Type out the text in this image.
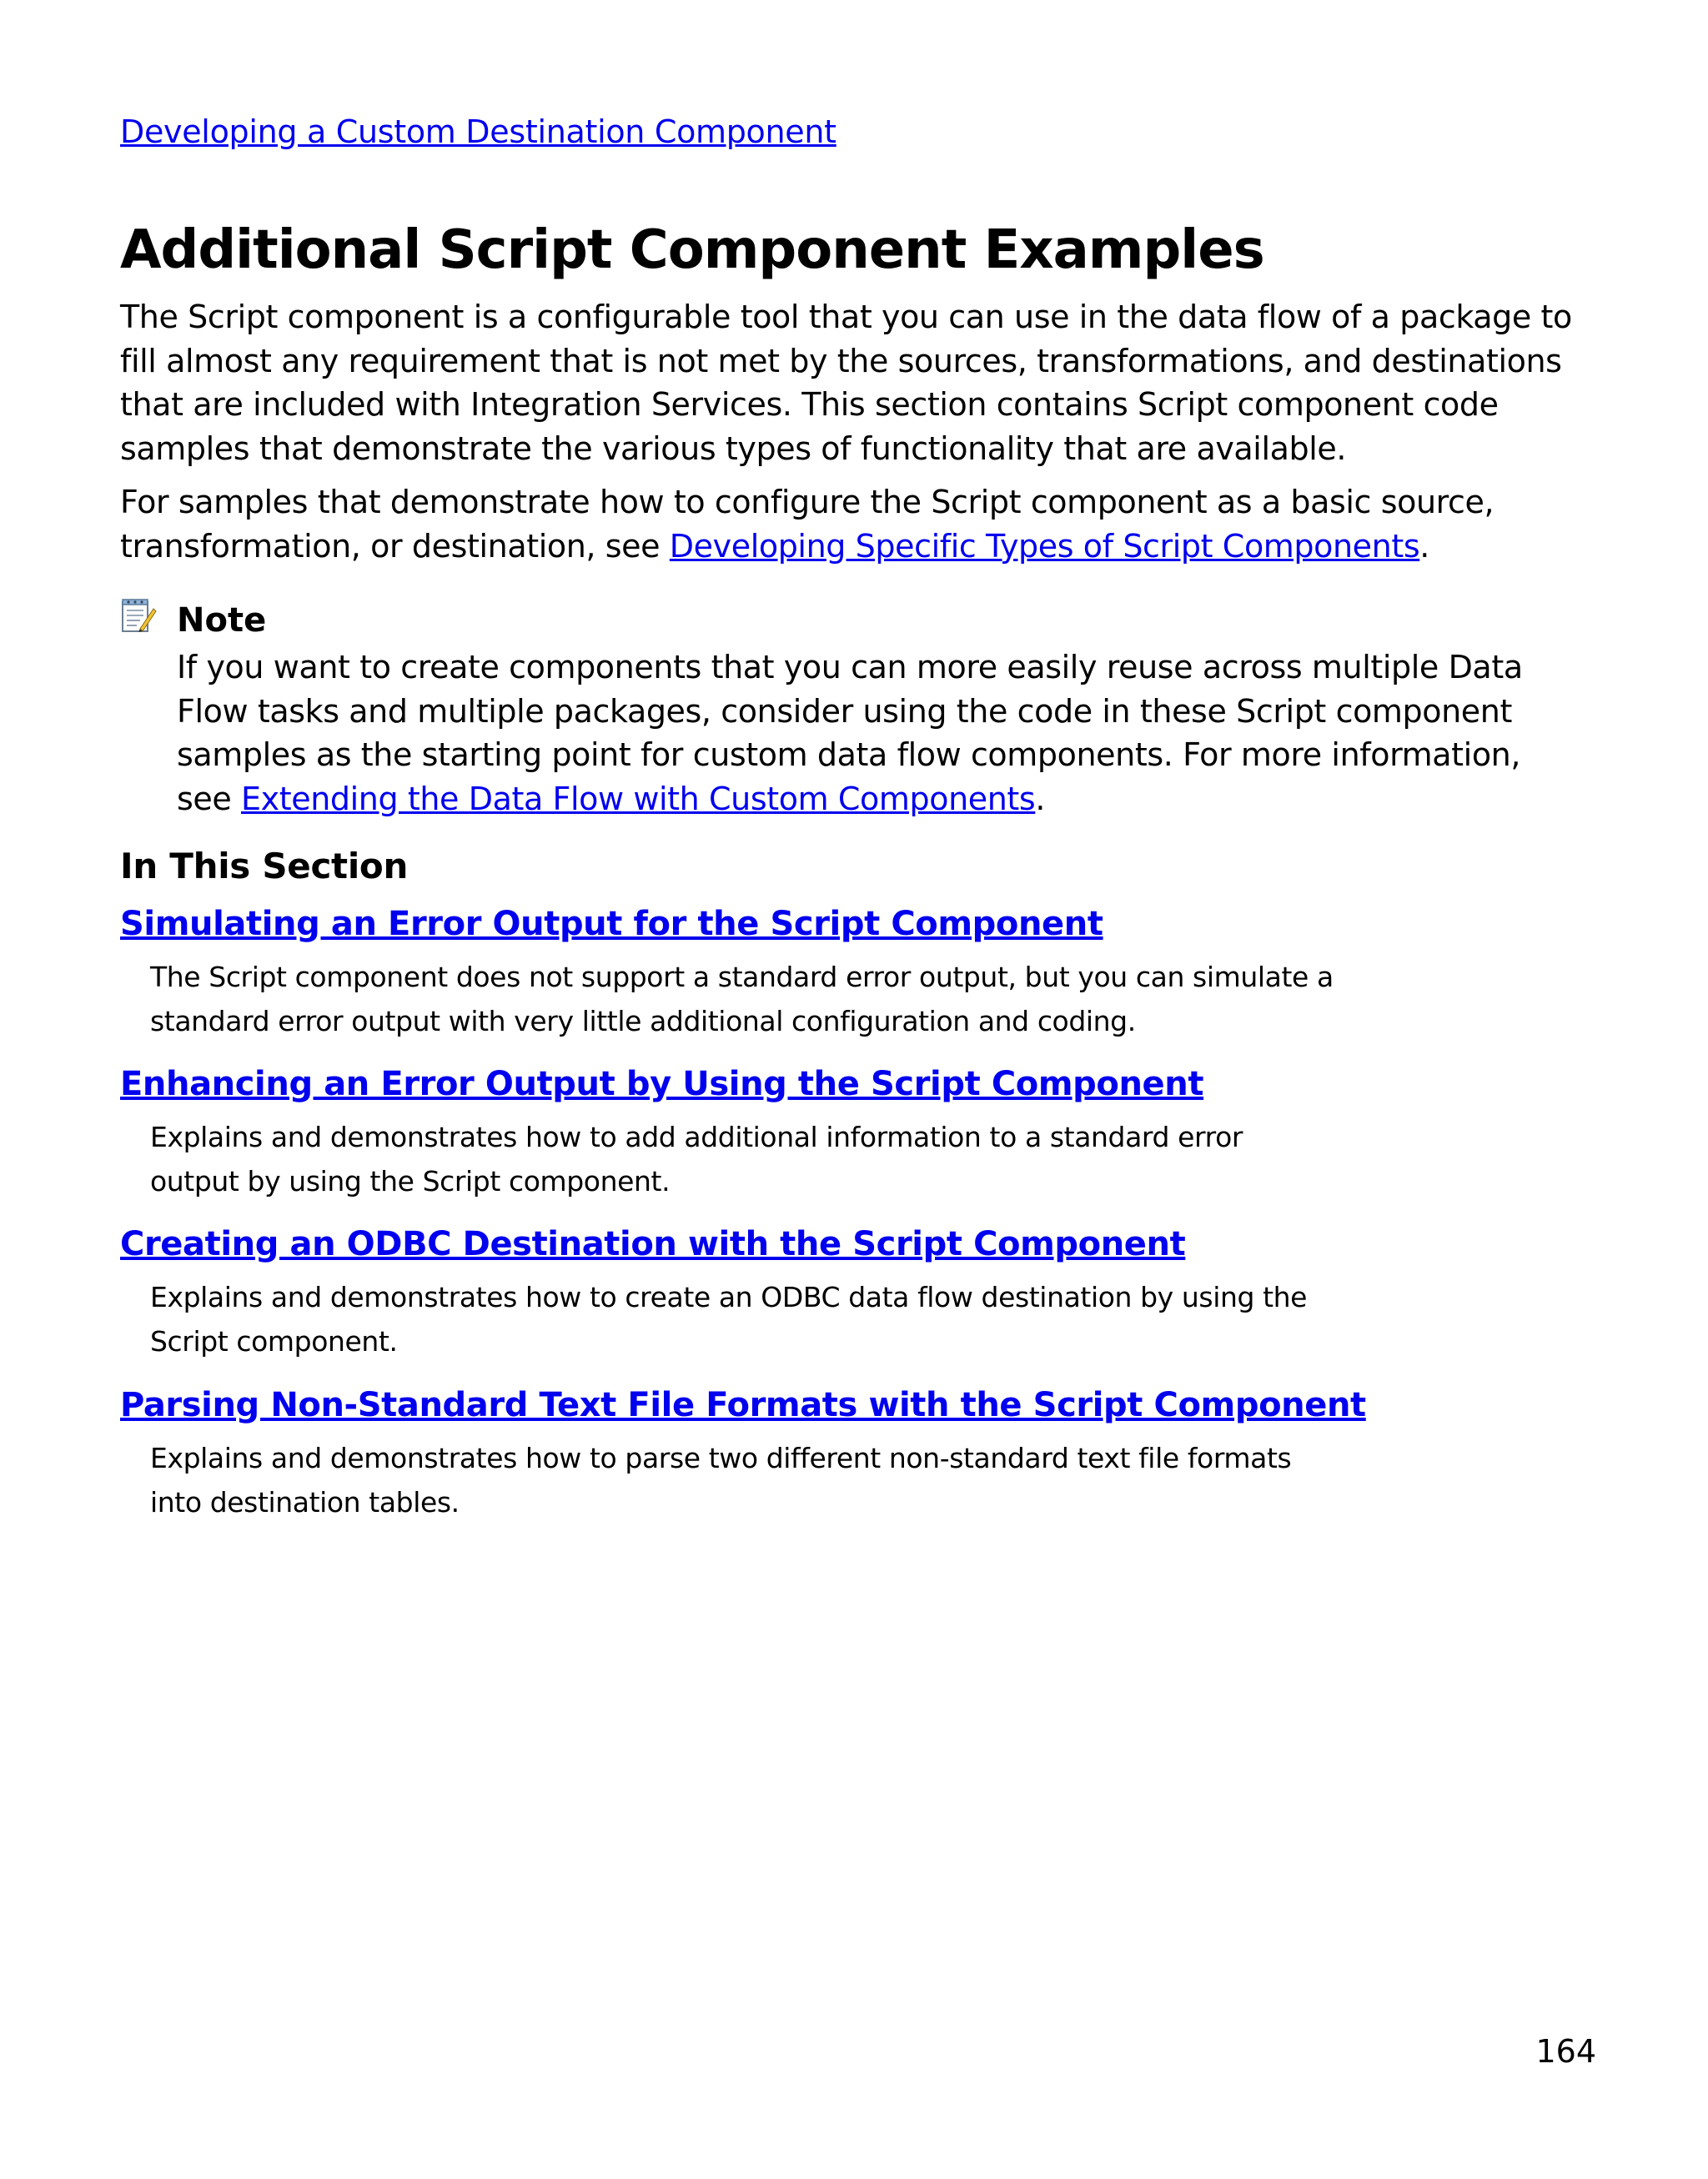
Developing a Custom Destination Component
Additional Script Component Examples

The Script component is a configurable tool that you can use in the data flow of a package to fill almost any requirement that is not met by the sources, transformations, and destinations that are included with Integration Services. This section contains Script component code samples that demonstrate the various types of functionality that are available.

For samples that demonstrate how to configure the Script component as a basic source, transformation, or destination, see Developing Specific Types of Script Components.

Note

If you want to create components that you can more easily reuse across multiple Data Flow tasks and multiple packages, consider using the code in these Script component samples as the starting point for custom data flow components. For more information, see Extending the Data Flow with Custom Components.

In This Section
Simulating an Error Output for the Script Component

The Script component does not support a standard error output, but you can simulate a standard error output with very little additional configuration and coding.

Enhancing an Error Output by Using the Script Component

Explains and demonstrates how to add additional information to a standard error output by using the Script component.

Creating an ODBC Destination with the Script Component

Explains and demonstrates how to create an ODBC data flow destination by using the Script component.

Parsing Non-Standard Text File Formats with the Script Component

Explains and demonstrates how to parse two different non-standard text file formats into destination tables.

164
